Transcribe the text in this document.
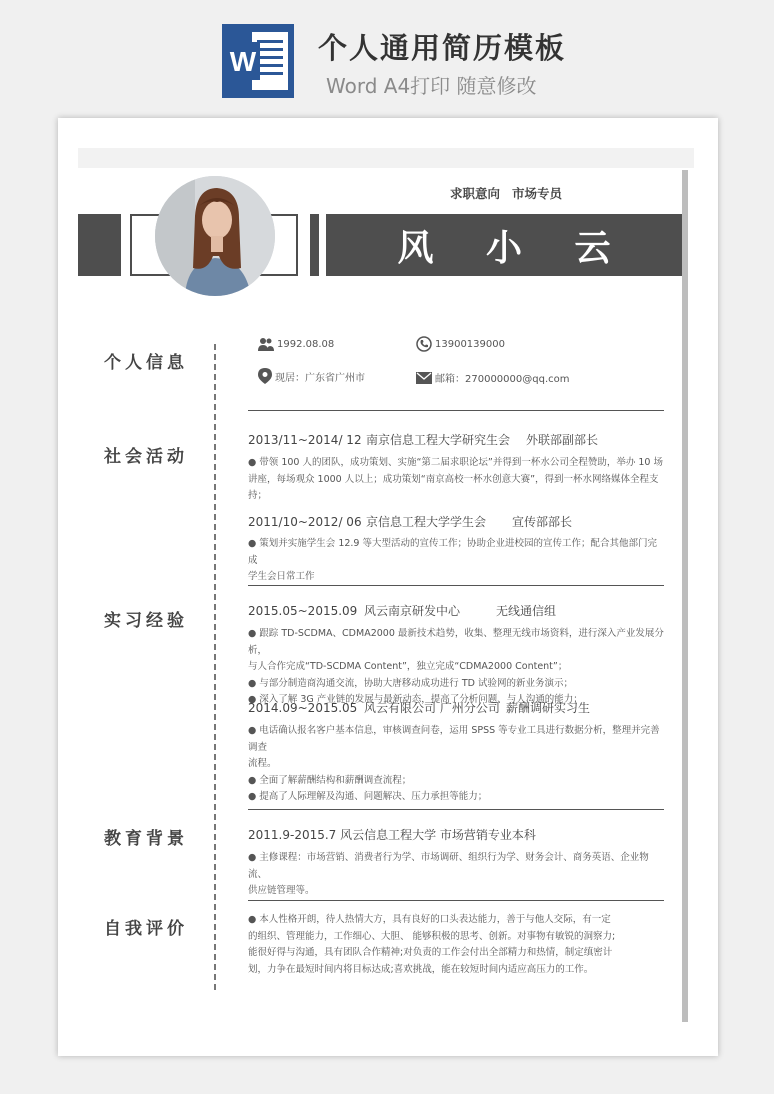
W 个人通用简历模板
Word A4打印 随意修改
求职意向 市场专员
风 小 云
个人信息
社会活动
实习经验
教育背景
自我评价
1992.08.08	13900139000
现居：广东省广州市	邮箱：270000000@qq.com
2013/11~2014/ 12 南京信息工程大学研究生会 外联部副部长

● 带领 100 人的团队，成功策划、实施“第二届求职论坛”并得到一杯水公司全程赞助，举办 10 场

讲座，每场观众 1000 人以上；成功策划“南京高校一杯水创意大赛”，得到一杯水网络媒体全程支

持；

2011/10~2012/ 06 京信息工程大学学生会 宣传部部长

● 策划并实施学生会 12.9 等大型活动的宣传工作；协助企业进校园的宣传工作；配合其他部门完成

学生会日常工作

2015.05~2015.09 风云南京研发中心	无线通信组

● 跟踪 TD-SCDMA、CDMA2000 最新技术趋势，收集、整理无线市场资料，进行深入产业发展分析，

与人合作完成“TD-SCDMA Content”，独立完成“CDMA2000 Content”；

● 与部分制造商沟通交流，协助大唐移动成功进行 TD 试验网的新业务演示；

● 深入了解 3G 产业链的发展与最新动态，提高了分析问题、与人沟通的能力；

2014.09~2015.05 风云有限公司 广州分公司 薪酬调研实习生

● 电话确认报名客户基本信息，审核调查问卷，运用 SPSS 等专业工具进行数据分析，整理并完善调查

流程。

● 全面了解薪酬结构和薪酬调查流程；

● 提高了人际理解及沟通、问题解决、压力承担等能力；

2011.9-2015.7 风云信息工程大学 市场营销专业本科

● 主修课程：市场营销、消费者行为学、市场调研、组织行为学、财务会计、商务英语、企业物流、

供应链管理等。

● 本人性格开朗，待人热情大方，具有良好的口头表达能力，善于与他人交际，有一定

的组织、管理能力，工作细心、大胆、 能够积极的思考、创新。对事物有敏锐的洞察力;

能很好得与沟通，具有团队合作精神;对负责的工作会付出全部精力和热情，制定缜密计

划，力争在最短时间内将目标达成;喜欢挑战，能在较短时间内适应高压力的工作。
